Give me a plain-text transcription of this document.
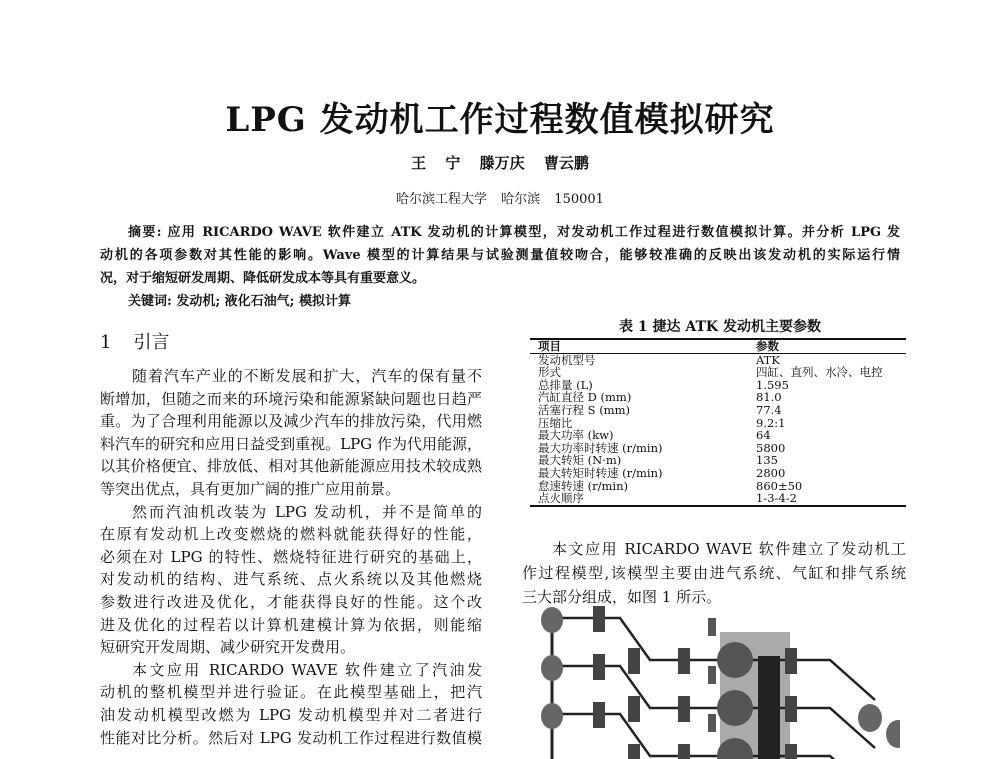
LPG 发动机工作过程数值模拟研究
王 宁 滕万庆 曹云鹏
哈尔滨工程大学 哈尔滨 150001
摘要: 应用 RICARDO WAVE 软件建立 ATK 发动机的计算模型，对发动机工作过程进行数值模拟计算。并分析 LPG 发
动机的各项参数对其性能的影响。Wave 模型的计算结果与试验测量值较吻合，能够较准确的反映出该发动机的实际运行情
况，对于缩短研发周期、降低研发成本等具有重要意义。
关键词: 发动机; 液化石油气; 模拟计算
1 引言
随着汽车产业的不断发展和扩大，汽车的保有量不
断增加，但随之而来的环境污染和能源紧缺问题也日趋严
重。为了合理利用能源以及减少汽车的排放污染，代用燃
料汽车的研究和应用日益受到重视。LPG 作为代用能源，
以其价格便宜、排放低、相对其他新能源应用技术较成熟
等突出优点，具有更加广阔的推广应用前景。
然而汽油机改装为 LPG 发动机，并不是简单的
在原有发动机上改变燃烧的燃料就能获得好的性能，
必须在对 LPG 的特性、燃烧特征进行研究的基础上，
对发动机的结构、进气系统、点火系统以及其他燃烧
参数进行改进及优化，才能获得良好的性能。这个改
进及优化的过程若以计算机建模计算为依据，则能缩
短研究开发周期、减少研究开发费用。
本文应用 RICARDO WAVE 软件建立了汽油发
动机的整机模型并进行验证。在此模型基础上，把汽
油发动机模型改燃为 LPG 发动机模型并对二者进行
性能对比分析。然后对 LPG 发动机工作过程进行数值模
表 1 捷达 ATK 发动机主要参数
项目	参数
发动机型号	ATK
形式	四缸、直列、水冷、电控
总排量 (L)	1.595
汽缸直径 D (mm)	81.0
活塞行程 S (mm)	77.4
压缩比	9.2:1
最大功率 (kw)	64
最大功率时转速 (r/min)	5800
最大转矩 (N·m)	135
最大转矩时转速 (r/min)	2800
怠速转速 (r/min)	860±50
点火顺序	1-3-4-2
本文应用 RICARDO WAVE 软件建立了发动机工
作过程模型,该模型主要由进气系统、气缸和排气系统
三大部分组成，如图 1 所示。
